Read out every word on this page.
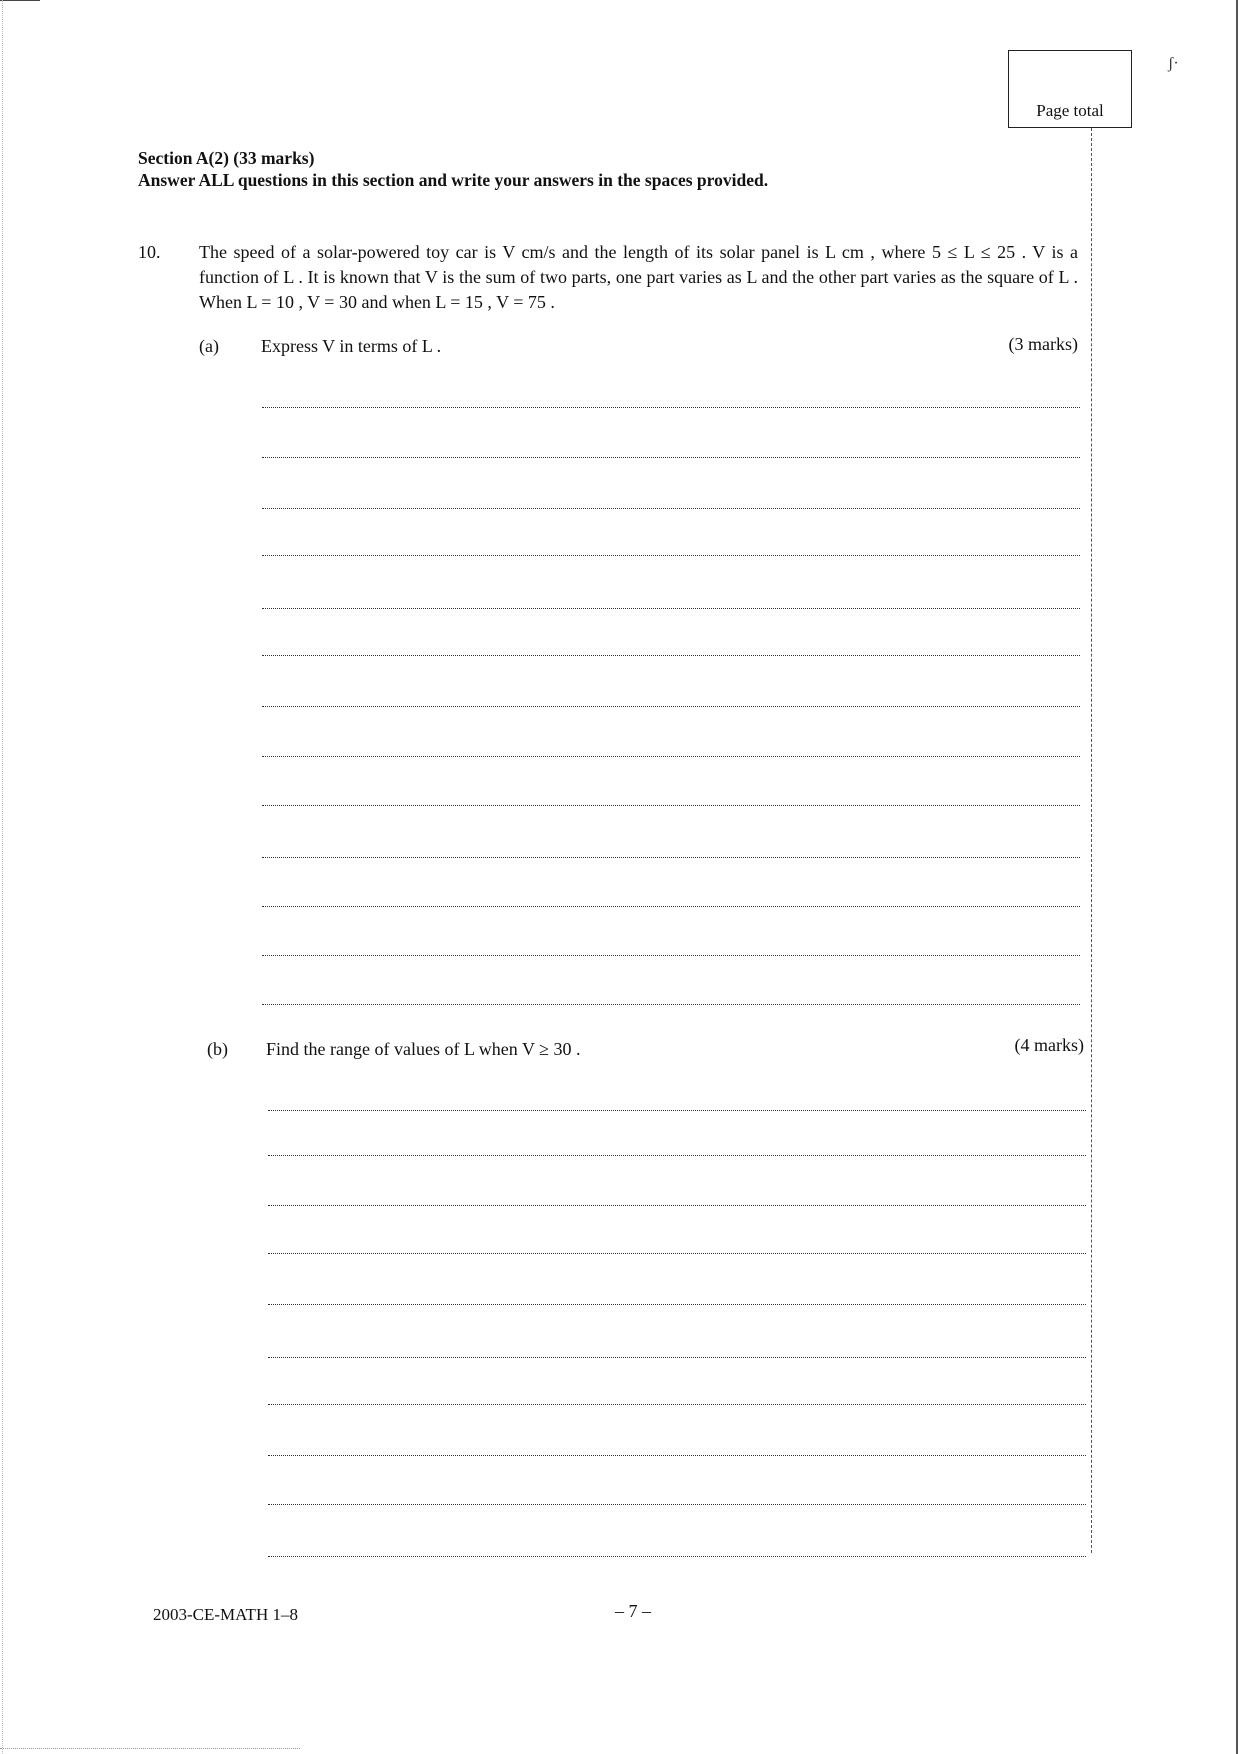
ʃ·
Page total
Section A(2) (33 marks)
Answer ALL questions in this section and write your answers in the spaces provided.
10. The speed of a solar-powered toy car is V cm/s and the length of its solar panel is L cm , where 5 ≤ L ≤ 25 . V is a function of L . It is known that V is the sum of two parts, one part varies as L and the other part varies as the square of L . When L = 10 , V = 30 and when L = 15 , V = 75 .
(a) Express V in terms of L .	(3 marks)
(b) Find the range of values of L when V ≥ 30 .	(4 marks)
2003-CE-MATH 1–8	– 7 –
